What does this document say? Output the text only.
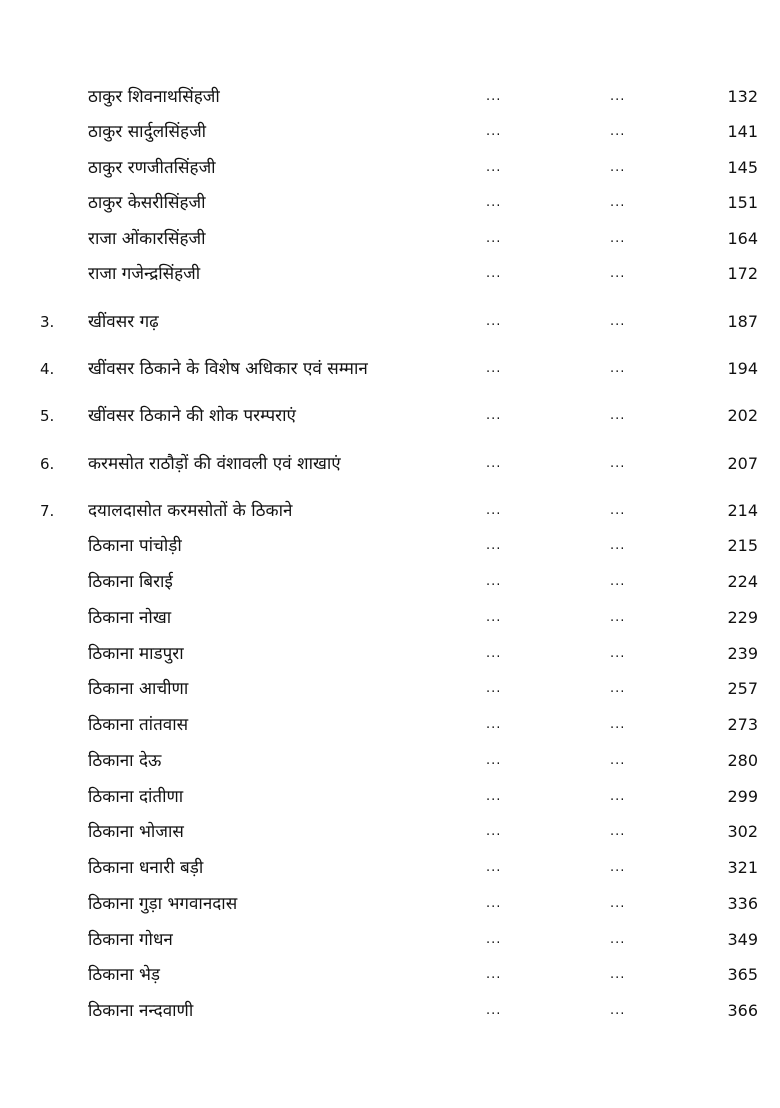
ठाकुर शिवनाथसिंहजी	...	...	132
ठाकुर सार्दुलसिंहजी	...	...	141
ठाकुर रणजीतसिंहजी	...	...	145
ठाकुर केसरीसिंहजी	...	...	151
राजा ओंकारसिंहजी	...	...	164
राजा गजेन्द्रसिंहजी	...	...	172
3.	खींवसर गढ़	...	...	187
4.	खींवसर ठिकाने के विशेष अधिकार एवं सम्मान	...	...	194
5.	खींवसर ठिकाने की शोक परम्पराएं	...	...	202
6.	करमसोत राठौड़ों की वंशावली एवं शाखाएं	...	...	207
7.	दयालदासोत करमसोतों के ठिकाने	...	...	214
ठिकाना पांचोड़ी	...	...	215
ठिकाना बिराई	...	...	224
ठिकाना नोखा	...	...	229
ठिकाना माडपुरा	...	...	239
ठिकाना आचीणा	...	...	257
ठिकाना तांतवास	...	...	273
ठिकाना देऊ	...	...	280
ठिकाना दांतीणा	...	...	299
ठिकाना भोजास	...	...	302
ठिकाना धनारी बड़ी	...	...	321
ठिकाना गुड़ा भगवानदास	...	...	336
ठिकाना गोधन	...	...	349
ठिकाना भेड़	...	...	365
ठिकाना नन्दवाणी	...	...	366
